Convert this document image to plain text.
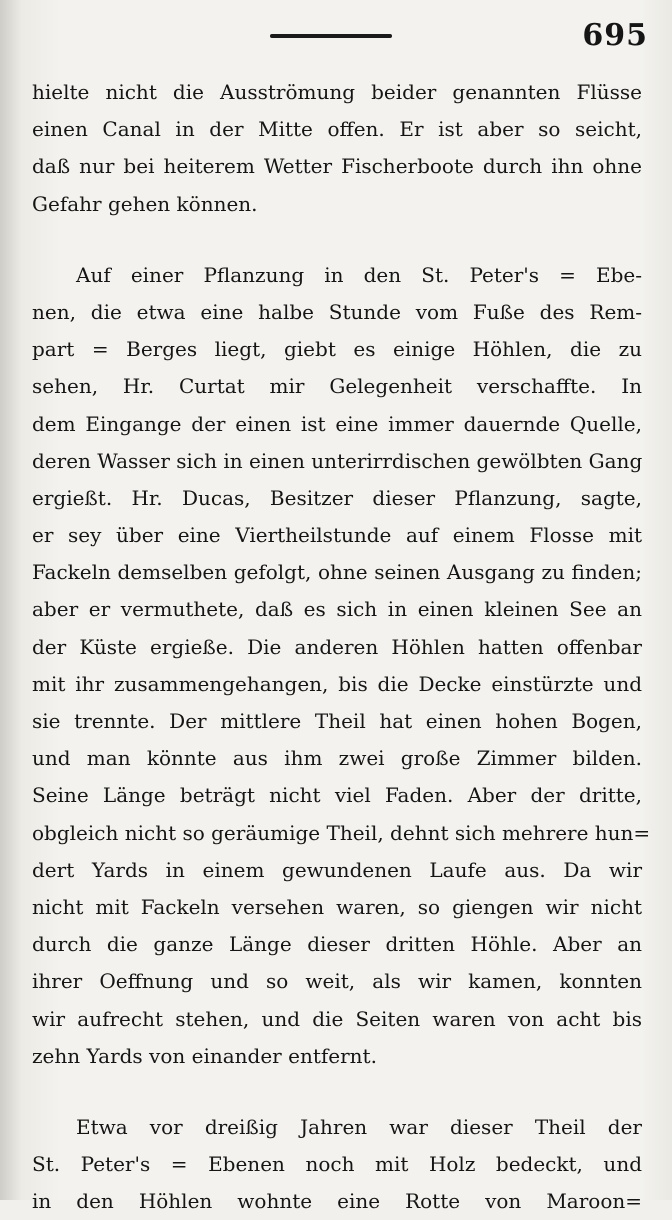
695

hielte nicht die Ausströmung beider genannten Flüsse
einen Canal in der Mitte offen. Er ist aber so seicht,
daß nur bei heiterem Wetter Fischerboote durch ihn ohne
Gefahr gehen können.

Auf einer Pflanzung in den St. Peter's = Ebe-
nen, die etwa eine halbe Stunde vom Fuße des Rem-
part = Berges liegt, giebt es einige Höhlen, die zu
sehen, Hr. Curtat mir Gelegenheit verschaffte. In
dem Eingange der einen ist eine immer dauernde Quelle,
deren Wasser sich in einen unterirrdischen gewölbten Gang
ergießt. Hr. Ducas, Besitzer dieser Pflanzung, sagte,
er sey über eine Viertheilstunde auf einem Flosse mit
Fackeln demselben gefolgt, ohne seinen Ausgang zu finden;
aber er vermuthete, daß es sich in einen kleinen See an
der Küste ergieße. Die anderen Höhlen hatten offenbar
mit ihr zusammengehangen, bis die Decke einstürzte und
sie trennte. Der mittlere Theil hat einen hohen Bogen,
und man könnte aus ihm zwei große Zimmer bilden.
Seine Länge beträgt nicht viel Faden. Aber der dritte,
obgleich nicht so geräumige Theil, dehnt sich mehrere hun=
dert Yards in einem gewundenen Laufe aus. Da wir
nicht mit Fackeln versehen waren, so giengen wir nicht
durch die ganze Länge dieser dritten Höhle. Aber an
ihrer Oeffnung und so weit, als wir kamen, konnten
wir aufrecht stehen, und die Seiten waren von acht bis
zehn Yards von einander entfernt.

Etwa vor dreißig Jahren war dieser Theil der
St. Peter's = Ebenen noch mit Holz bedeckt, und
in den Höhlen wohnte eine Rotte von Maroon=
